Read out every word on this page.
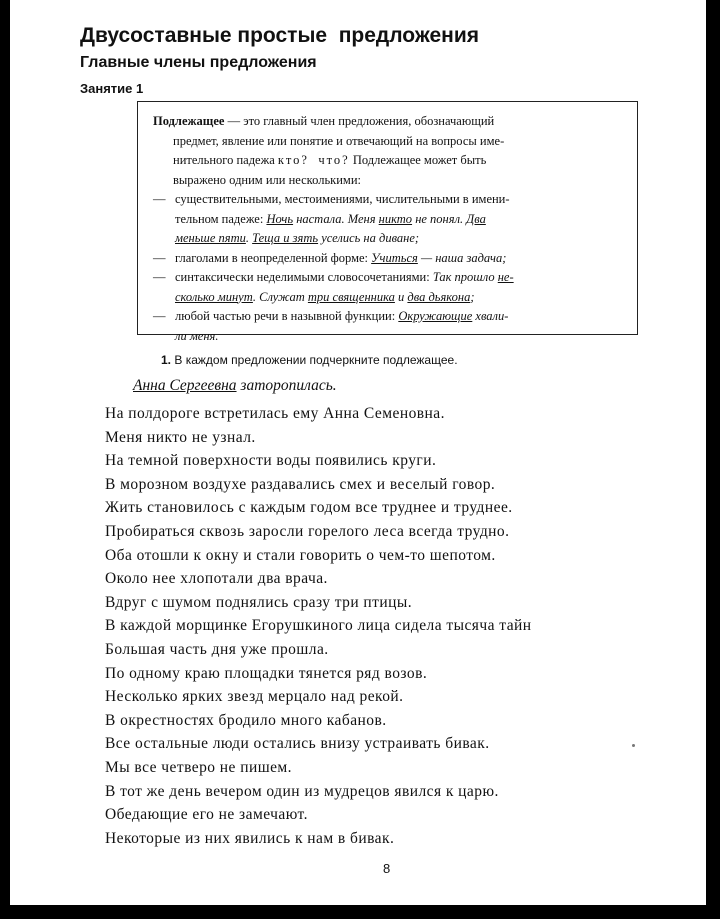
Двусоставные простые  предложения
Главные члены предложения
Занятие 1

Подлежащее — это главный член предложения, обозначающий

предмет, явление или понятие и отвечающий на вопросы име-

нительного падежа кто? что? Подлежащее может быть

выраженo одним или несколькими:

— существительными, местоимениями, числительными в имени-
тельном падеже: Ночь настала. Меня никто не понял. Два
меньше пяти. Теща и зять уселись на диване;
— глаголами в неопределенной форме: Учиться — наша задача;
— синтаксически неделимыми словосочетаниями: Так прошло не-
сколько минут. Служат три священника и два дьякона;
— любой частью речи в назывной функции: Окружающие хвали-
ли меня.
1. В каждом предложении подчеркните подлежащее.
Анна Сергеевна заторопилась.
На полдороге встретилась ему Анна Семеновна.
Меня никто не узнал.
На темной поверхности воды появились круги.
В морозном воздухе раздавались смех и веселый говор.
Жить становилось с каждым годом все труднее и труднее.
Пробираться сквозь заросли горелого леса всегда трудно.
Оба отошли к окну и стали говорить о чем-то шепотом.
Около нее хлопотали два врача.
Вдруг с шумом поднялись сразу три птицы.
В каждой морщинке Егорушкиного лица сидела тысяча тайн
Большая часть дня уже прошла.
По одному краю площадки тянется ряд возов.
Несколько ярких звезд мерцало над рекой.
В окрестностях бродило много кабанов.
Все остальные люди остались внизу устраивать бивак.
Мы все четверо не пишем.
В тот же день вечером один из мудрецов явился к царю.
Обедающие его не замечают.
Некоторые из них явились к нам в бивак.
8
